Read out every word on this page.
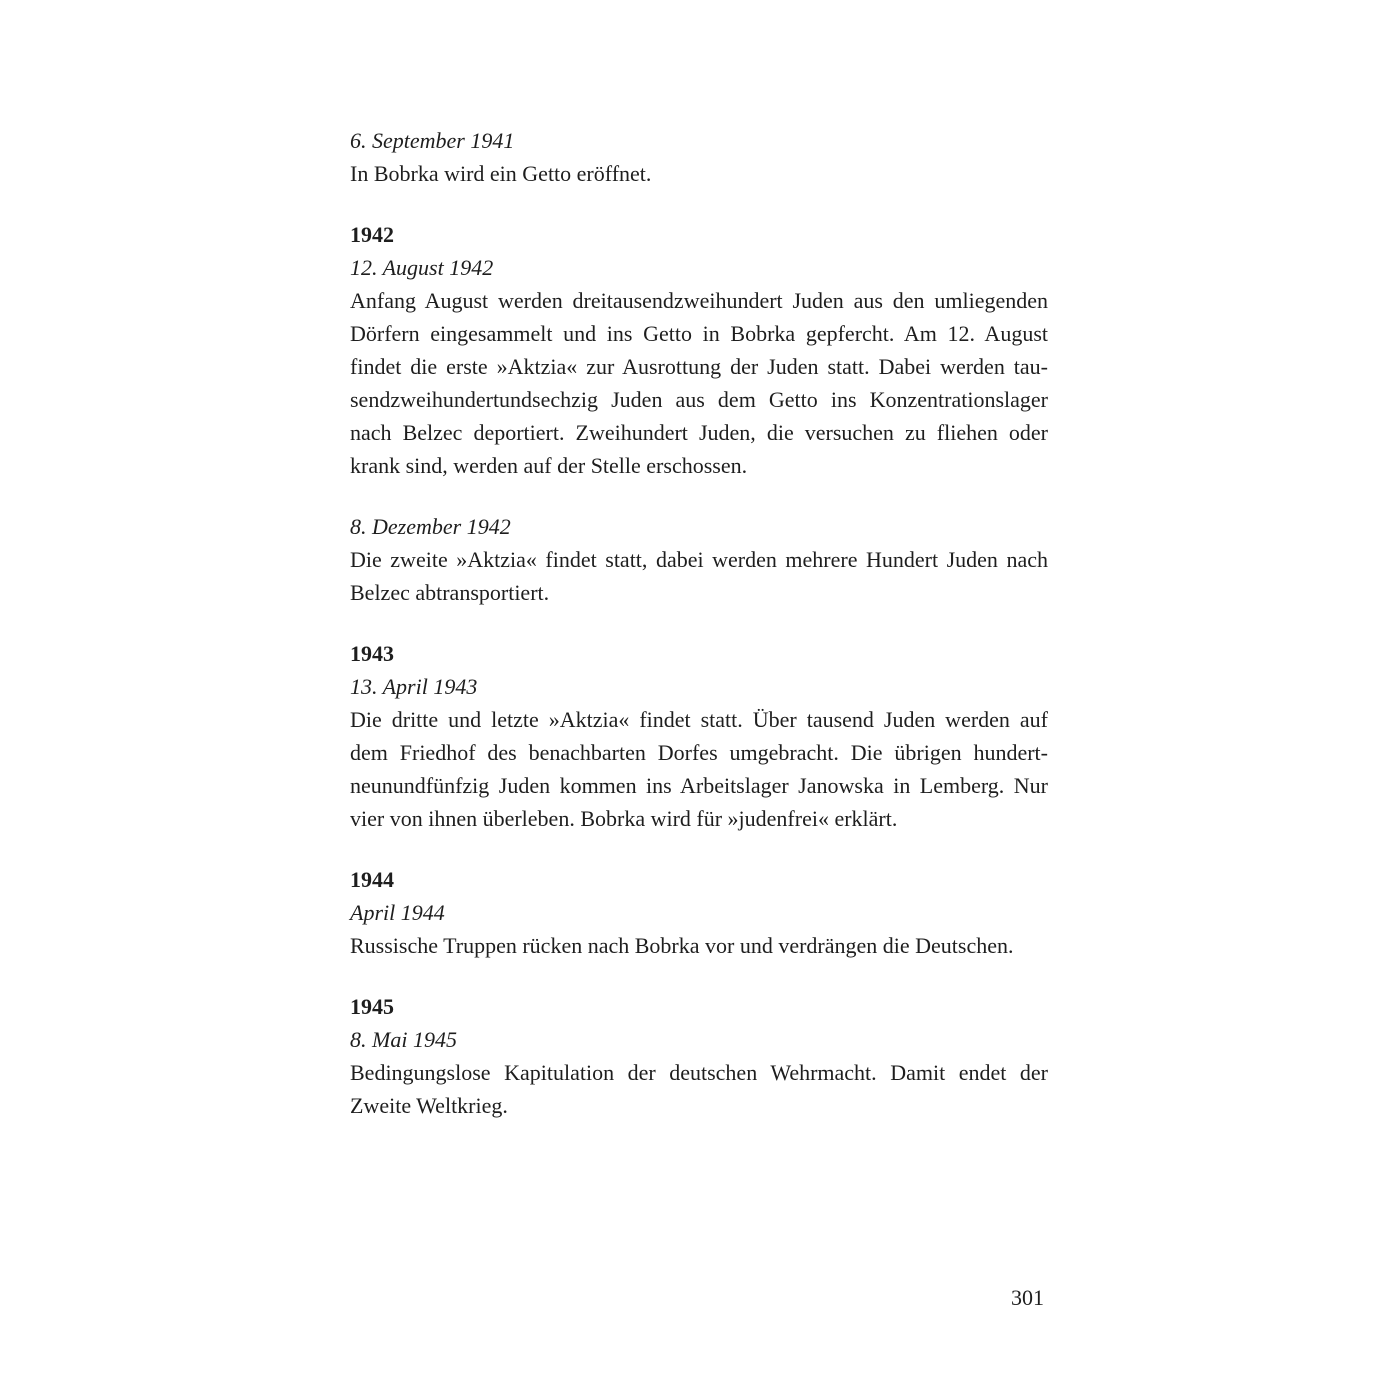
6. September 1941
In Bobrka wird ein Getto eröffnet.
1942
12. August 1942
Anfang August werden dreitausendzweihundert Juden aus den umliegenden
Dörfern eingesammelt und ins Getto in Bobrka gepfercht. Am 12. August
findet die erste »Aktzia« zur Ausrottung der Juden statt. Dabei werden tau-
sendzweihundertundsechzig Juden aus dem Getto ins Konzentrationslager
nach Belzec deportiert. Zweihundert Juden, die versuchen zu fliehen oder
krank sind, werden auf der Stelle erschossen.
8. Dezember 1942
Die zweite »Aktzia« findet statt, dabei werden mehrere Hundert Juden nach
Belzec abtransportiert.
1943
13. April 1943
Die dritte und letzte »Aktzia« findet statt. Über tausend Juden werden auf
dem Friedhof des benachbarten Dorfes umgebracht. Die übrigen hundert-
neunundfünfzig Juden kommen ins Arbeitslager Janowska in Lemberg. Nur
vier von ihnen überleben. Bobrka wird für »judenfrei« erklärt.
1944
April 1944
Russische Truppen rücken nach Bobrka vor und verdrängen die Deutschen.
1945
8. Mai 1945
Bedingungslose Kapitulation der deutschen Wehrmacht. Damit endet der
Zweite Weltkrieg.
301
